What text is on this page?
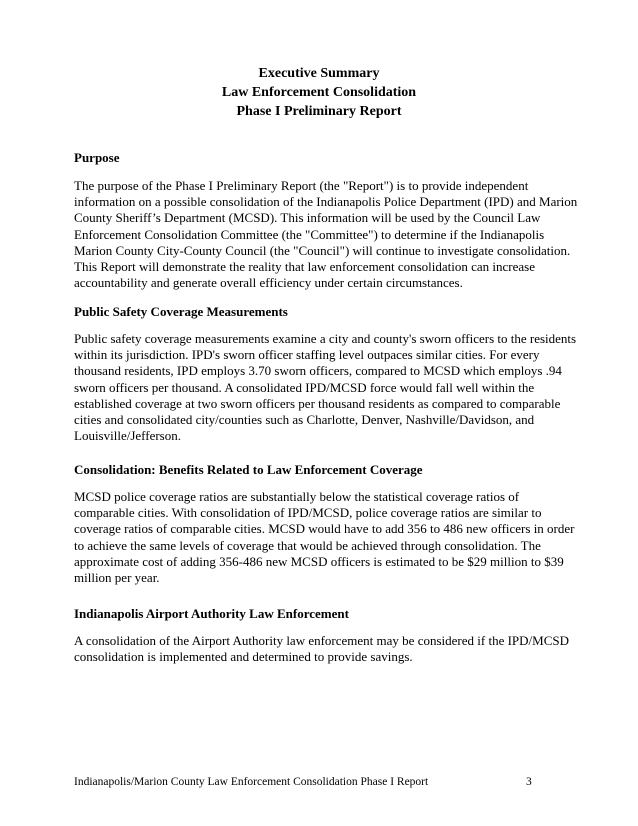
Executive Summary
Law Enforcement Consolidation
Phase I Preliminary Report
Purpose
The purpose of the Phase I Preliminary Report (the "Report") is to provide independent
information on a possible consolidation of the Indianapolis Police Department (IPD) and Marion
County Sheriff’s Department (MCSD). This information will be used by the Council Law
Enforcement Consolidation Committee (the "Committee") to determine if the Indianapolis
Marion County City-County Council (the "Council") will continue to investigate consolidation.
This Report will demonstrate the reality that law enforcement consolidation can increase
accountability and generate overall efficiency under certain circumstances.
Public Safety Coverage Measurements
Public safety coverage measurements examine a city and county's sworn officers to the residents
within its jurisdiction. IPD's sworn officer staffing level outpaces similar cities. For every
thousand residents, IPD employs 3.70 sworn officers, compared to MCSD which employs .94
sworn officers per thousand. A consolidated IPD/MCSD force would fall well within the
established coverage at two sworn officers per thousand residents as compared to comparable
cities and consolidated city/counties such as Charlotte, Denver, Nashville/Davidson, and
Louisville/Jefferson.
Consolidation: Benefits Related to Law Enforcement Coverage
MCSD police coverage ratios are substantially below the statistical coverage ratios of
comparable cities. With consolidation of IPD/MCSD, police coverage ratios are similar to
coverage ratios of comparable cities. MCSD would have to add 356 to 486 new officers in order
to achieve the same levels of coverage that would be achieved through consolidation. The
approximate cost of adding 356-486 new MCSD officers is estimated to be $29 million to $39
million per year.
Indianapolis Airport Authority Law Enforcement
A consolidation of the Airport Authority law enforcement may be considered if the IPD/MCSD
consolidation is implemented and determined to provide savings.
Indianapolis/Marion County Law Enforcement Consolidation Phase I Report	3
